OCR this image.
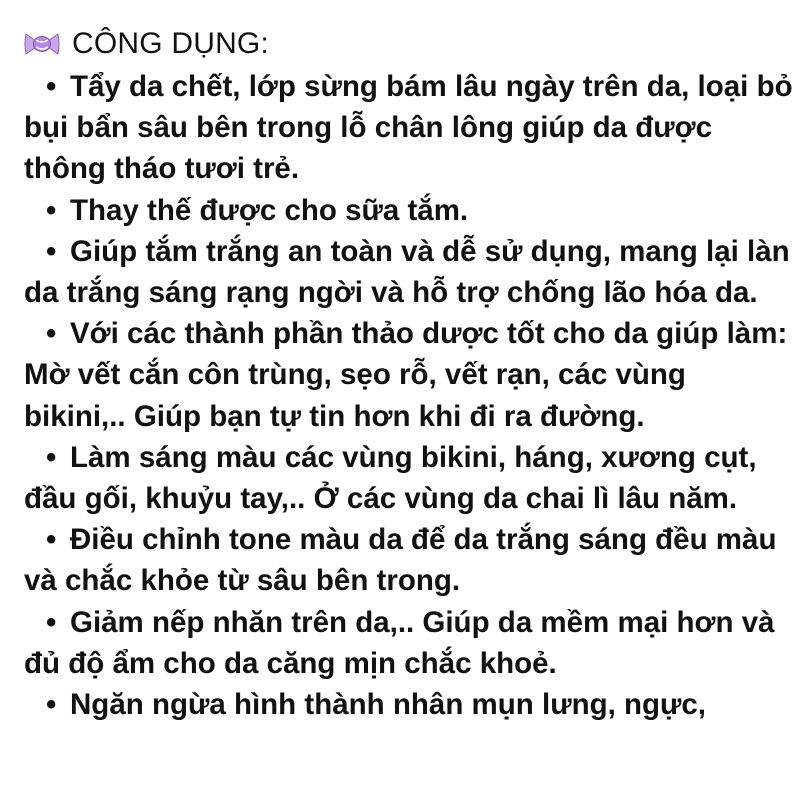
CÔNG DỤNG:

• Tẩy da chết, lớp sừng bám lâu ngày trên da, loại bỏ bụi bẩn sâu bên trong lỗ chân lông giúp da được thông tháo tươi trẻ.

• Thay thế được cho sữa tắm.

• Giúp tắm trắng an toàn và dễ sử dụng, mang lại làn da trắng sáng rạng ngời và hỗ trợ chống lão hóa da.

• Với các thành phần thảo dược tốt cho da giúp làm: Mờ vết cắn côn trùng, sẹo rỗ, vết rạn, các vùng bikini,.. Giúp bạn tự tin hơn khi đi ra đường.

• Làm sáng màu các vùng bikini, háng, xương cụt, đầu gối, khuỷu tay,.. Ở các vùng da chai lì lâu năm.

• Điều chỉnh tone màu da để da trắng sáng đều màu và chắc khỏe từ sâu bên trong.

• Giảm nếp nhăn trên da,.. Giúp da mềm mại hơn và đủ độ ẩm cho da căng mịn chắc khoẻ.

• Ngăn ngừa hình thành nhân mụn lưng, ngực,
